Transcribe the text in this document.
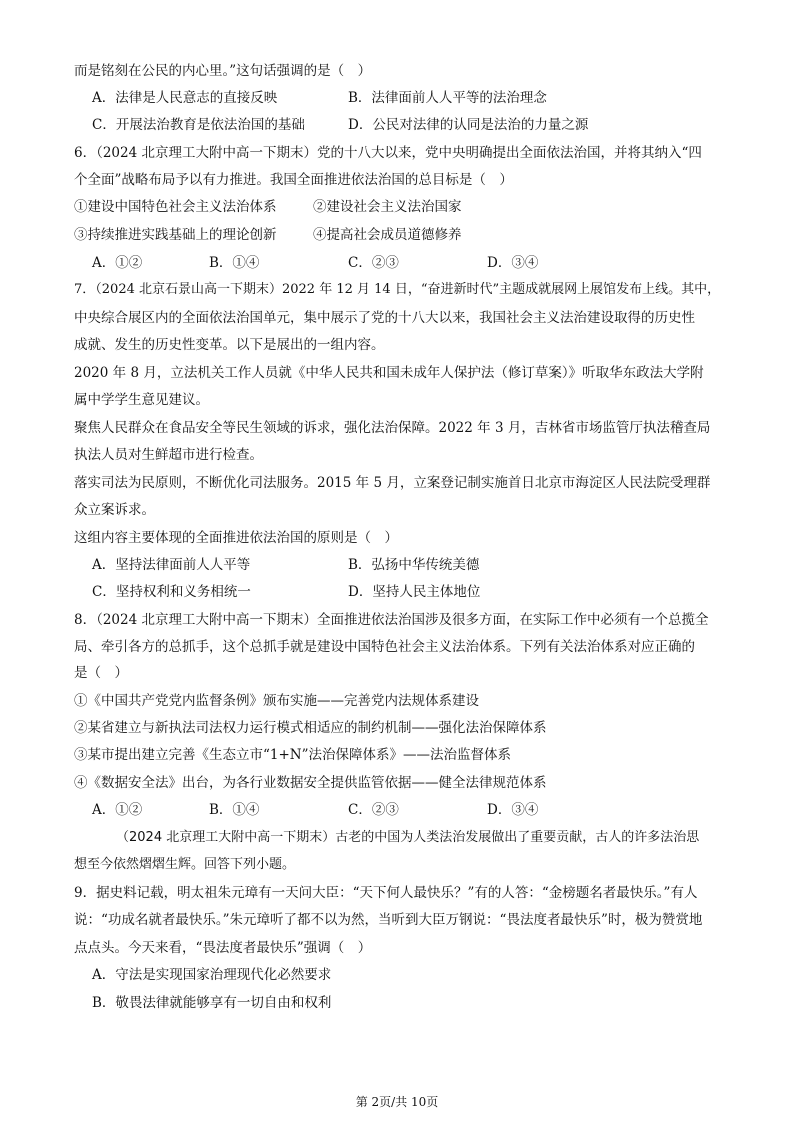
而是铭刻在公民的内心里。”这句话强调的是（　）
A．法律是人民意志的直接反映	B．法律面前人人平等的法治理念
C．开展法治教育是依法治国的基础	D．公民对法律的认同是法治的力量之源
6．（2024 北京理工大附中高一下期末）党的十八大以来，党中央明确提出全面依法治国，并将其纳入“四
个全面”战略布局予以有力推进。我国全面推进依法治国的总目标是（　）
①建设中国特色社会主义法治体系	②建设社会主义法治国家
③持续推进实践基础上的理论创新	④提高社会成员道德修养
A．①②	B．①④	C．②③	D．③④
7．（2024 北京石景山高一下期末）2022 年 12 月 14 日，“奋进新时代”主题成就展网上展馆发布上线。其中，
中央综合展区内的全面依法治国单元，集中展示了党的十八大以来，我国社会主义法治建设取得的历史性
成就、发生的历史性变革。以下是展出的一组内容。
2020 年 8 月，立法机关工作人员就《中华人民共和国未成年人保护法（修订草案）》听取华东政法大学附
属中学学生意见建议。
聚焦人民群众在食品安全等民生领域的诉求，强化法治保障。2022 年 3 月，吉林省市场监管厅执法稽查局
执法人员对生鲜超市进行检查。
落实司法为民原则，不断优化司法服务。2015 年 5 月，立案登记制实施首日北京市海淀区人民法院受理群
众立案诉求。
这组内容主要体现的全面推进依法治国的原则是（　）
A．坚持法律面前人人平等	B．弘扬中华传统美德
C．坚持权利和义务相统一	D．坚持人民主体地位
8．（2024 北京理工大附中高一下期末）全面推进依法治国涉及很多方面，在实际工作中必须有一个总揽全
局、牵引各方的总抓手，这个总抓手就是建设中国特色社会主义法治体系。下列有关法治体系对应正确的
是（　）
①《中国共产党党内监督条例》颁布实施——完善党内法规体系建设
②某省建立与新执法司法权力运行模式相适应的制约机制——强化法治保障体系
③某市提出建立完善《生态立市“1+N”法治保障体系》——法治监督体系
④《数据安全法》出台，为各行业数据安全提供监管依据——健全法律规范体系
A．①②	B．①④	C．②③	D．③④
（2024 北京理工大附中高一下期末）古老的中国为人类法治发展做出了重要贡献，古人的许多法治思
想至今依然熠熠生辉。回答下列小题。
9．据史料记载，明太祖朱元璋有一天问大臣：“天下何人最快乐？”有的人答：“金榜题名者最快乐。”有人
说：“功成名就者最快乐。”朱元璋听了都不以为然，当听到大臣万钢说：“畏法度者最快乐”时，极为赞赏地
点点头。今天来看，“畏法度者最快乐”强调（　）
A．守法是实现国家治理现代化必然要求
B．敬畏法律就能够享有一切自由和权利
第 2页/共 10页
